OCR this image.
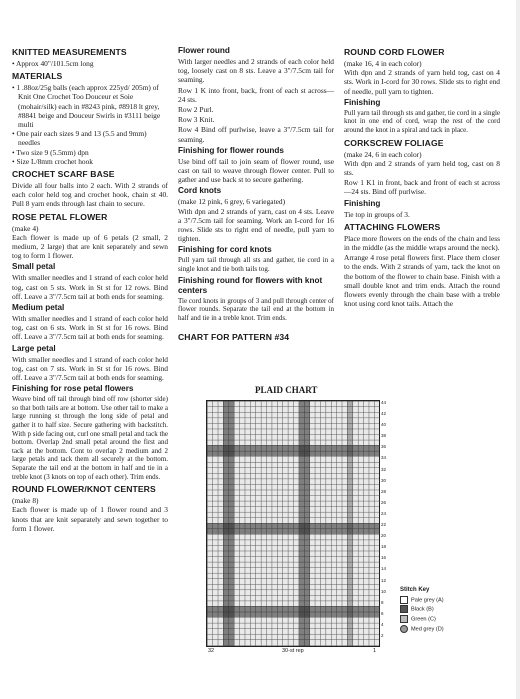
KNITTED MEASUREMENTS

• Approx 40"/101.5cm long

MATERIALS
• 1 .88oz/25g balls (each approx 225yd/ 205m) of Knit One Crochet Too Douceur et Soie (mohair/silk) each in #8243 pink, #8918 lt grey, #8841 beige and Douceur Swirls in #3111 beige multi
• One pair each sizes 9 and 13 (5.5 and 9mm) needles
• Two size 9 (5.5mm) dpn
• Size L/8mm crochet hook
CROCHET SCARF BASE

Divide all four balls into 2 each. With 2 strands of each color held tog and crochet hook, chain st 40. Pull 8 yarn ends through last chain to secure.

ROSE PETAL FLOWER

(make 4)

Each flower is made up of 6 petals (2 small, 2 medium, 2 large) that are knit separately and sewn tog to form 1 flower.

Small petal

With smaller needles and 1 strand of each color held tog, cast on 5 sts. Work in St st for 12 rows. Bind off. Leave a 3"/7.5cm tail at both ends for seaming.

Medium petal

With smaller needles and 1 strand of each color held tog, cast on 6 sts. Work in St st for 16 rows. Bind off. Leave a 3"/7.5cm tail at both ends for seaming.

Large petal

With smaller needles and 1 strand of each color held tog, cast on 7 sts. Work in St st for 16 rows. Bind off. Leave a 3"/7.5cm tail at both ends for seaming.

Finishing for rose petal flowers

Weave bind off tail through bind off row (shorter side) so that both tails are at bottom. Use other tail to make a large running st through the long side of petal and gather it to half size. Secure gathering with backstitch. With p side facing out, curl one small petal and tack the bottom. Overlap 2nd small petal around the first and tack at the bottom. Cont to overlap 2 medium and 2 large petals and tack them all securely at the bottom. Separate the tail end at the bottom in half and tie in a treble knot (3 knots on top of each other). Trim ends.

ROUND FLOWER/KNOT CENTERS

(make 8)

Each flower is made up of 1 flower round and 3 knots that are knit separately and sewn together to form 1 flower.

Flower round

With larger needles and 2 strands of each color held tog, loosely cast on 8 sts. Leave a 3"/7.5cm tail for seaming.

Row 1 K into front, back, front of each st across—24 sts.

Row 2 Purl.

Row 3 Knit.

Row 4 Bind off purlwise, leave a 3"/7.5cm tail for seaming.

Finishing for flower rounds

Use bind off tail to join seam of flower round, use cast on tail to weave through flower center. Pull to gather and use back st to secure gathering.

Cord knots

(make 12 pink, 6 grey, 6 variegated)

With dpn and 2 strands of yarn, cast on 4 sts. Leave a 3"/7.5cm tail for seaming. Work an I-cord for 16 rows. Slide sts to right end of needle, pull yarn to tighten.

Finishing for cord knots

Pull yarn tail through all sts and gather, tie cord in a single knot and tie both tails tog.

Finishing round for flowers with knot centers

Tie cord knots in groups of 3 and pull through center of flower rounds. Separate the tail end at the bottom in half and tie in a treble knot. Trim ends.

CHART FOR PATTERN #34
ROUND CORD FLOWER

(make 16, 4 in each color)

With dpn and 2 strands of yarn held tog, cast on 4 sts. Work in I-cord for 30 rows. Slide sts to right end of needle, pull yarn to tighten.

Finishing

Pull yarn tail through sts and gather, tie cord in a single knot in one end of cord, wrap the rest of the cord around the knot in a spiral and tack in place.

CORKSCREW FOLIAGE

(make 24, 6 in each color)

With dpn and 2 strands of yarn held tog, cast on 8 sts.

Row 1 K1 in front, back and front of each st across—24 sts. Bind off purlwise.

Finishing

Tie top in groups of 3.

ATTACHING FLOWERS

Place more flowers on the ends of the chain and less in the middle (as the middle wraps around the neck).

Arrange 4 rose petal flowers first. Place them closer to the ends. With 2 strands of yarn, tack the knot on the bottom of the flower to chain base. Finish with a small double knot and trim ends. Attach the round flowers evenly through the chain base with a treble knot using cord knot tails. Attach the

PLAID CHART
44
42
40
38
36
34
32
30
28
26
24
22
20
18
16
14
12
10
8
6
4
2
32	30-st rep	1
Stitch Key
Pale grey (A)
Black (B)
Green (C)
Med grey (D)
